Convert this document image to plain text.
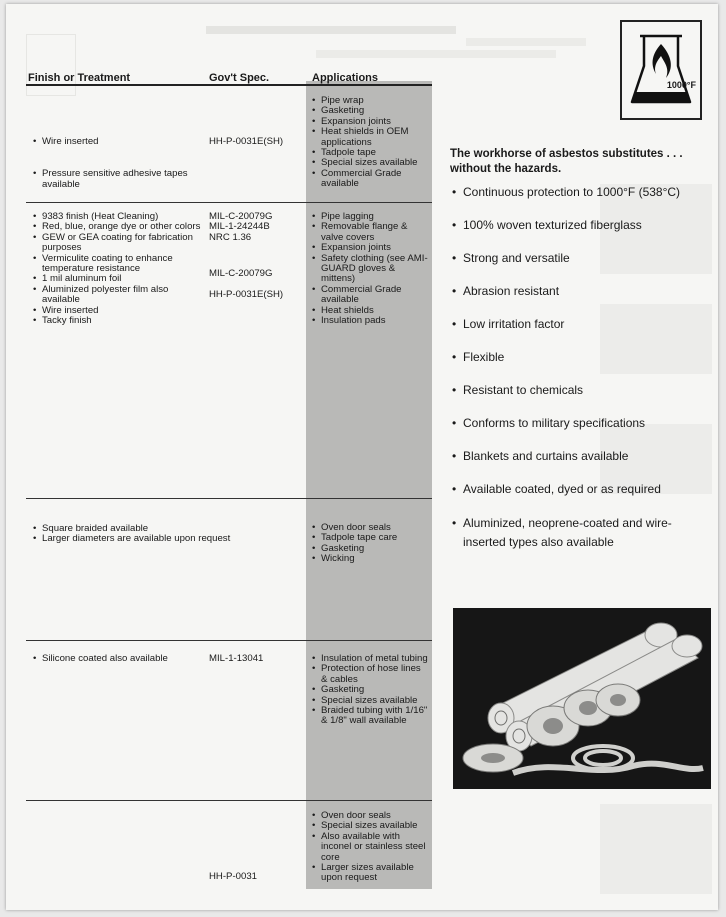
Finish or Treatment	Gov't Spec.	Applications
• Wire inserted
• Pressure sensitive adhesive tapes available
HH-P-0031E(SH)
• Pipe wrap
• Gasketing
• Expansion joints
• Heat shields in OEM applications
• Tadpole tape
• Special sizes available
• Commercial Grade available
• 9383 finish (Heat Cleaning)
• Red, blue, orange dye or other colors
• GEW or GEA coating for fabrication purposes
• Vermiculite coating to enhance temperature resistance
• 1 mil aluminum foil
• Aluminized polyester film also available
• Wire inserted
• Tacky finish
MIL-C-20079G
MIL-1-24244B
NRC 1.36
MIL-C-20079G
HH-P-0031E(SH)
• Pipe lagging
• Removable flange & valve covers
• Expansion joints
• Safety clothing (see AMI-GUARD gloves & mittens)
• Commercial Grade available
• Heat shields
• Insulation pads
• Square braided available
• Larger diameters are available upon request
• Oven door seals
• Tadpole tape care
• Gasketing
• Wicking
• Silicone coated also available	MIL-1-13041
•	Insulation of metal tubing
• Protection of hose lines & cables
• Gasketing
• Special sizes available
• Braided tubing with 1/16" & 1/8" wall available
HH-P-0031
• Oven door seals
• Special sizes available
• Also available with inconel or stainless steel core
• Larger sizes available upon request
1000°F
The workhorse of asbestos substitutes . . .
without the hazards.
• Continuous protection to 1000°F (538°C)
• 100% woven texturized fiberglass
• Strong and versatile
• Abrasion resistant
• Low irritation factor
• Flexible
• Resistant to chemicals
• Conforms to military specifications
• Blankets and curtains available
• Available coated, dyed or as required
• Aluminized, neoprene-coated and wire-inserted types also available
